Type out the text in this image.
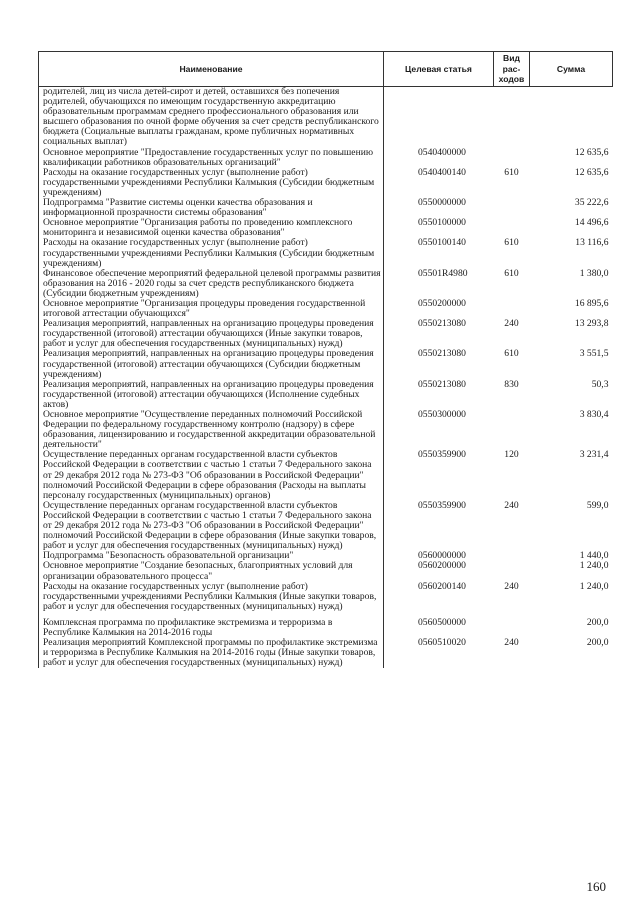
Наименование	Целевая статья	Вид рас-ходов	Сумма
родителей, лиц из числа детей-сирот и детей, оставшихся без попечения родителей, обучающихся по имеющим государственную аккредитацию образовательным программам среднего профессионального образования или высшего образования по очной форме обучения за счет средств республиканского бюджета (Социальные выплаты гражданам, кроме публичных нормативных социальных выплат)			
Основное мероприятие "Предоставление государственных услуг по повышению квалификации работников образовательных организаций"	0540400000		12 635,6
Расходы на оказание государственных услуг (выполнение работ) государственными учреждениями Республики Калмыкия (Субсидии бюджетным учреждениям)	0540400140	610	12 635,6
Подпрограмма "Развитие системы оценки качества образования и информационной прозрачности системы образования"	0550000000		35 222,6
Основное мероприятие "Организация работы по проведению комплексного мониторинга и независимой оценки качества образования"	0550100000		14 496,6
Расходы на оказание государственных услуг (выполнение работ) государственными учреждениями Республики Калмыкия (Субсидии бюджетным учреждениям)	0550100140	610	13 116,6
Финансовое обеспечение мероприятий федеральной целевой программы развития образования на 2016 - 2020 годы за счет средств республиканского бюджета (Субсидии бюджетным учреждениям)	05501R4980	610	1 380,0
Основное мероприятие "Организация процедуры проведения государственной итоговой аттестации обучающихся"	0550200000		16 895,6
Реализация мероприятий, направленных на организацию процедуры проведения государственной (итоговой) аттестации обучающихся (Иные закупки товаров, работ и услуг для обеспечения государственных (муниципальных) нужд)	0550213080	240	13 293,8
Реализация мероприятий, направленных на организацию процедуры проведения государственной (итоговой) аттестации обучающихся (Субсидии бюджетным учреждениям)	0550213080	610	3 551,5
Реализация мероприятий, направленных на организацию процедуры проведения государственной (итоговой) аттестации обучающихся (Исполнение судебных актов)	0550213080	830	50,3
Основное мероприятие "Осуществление переданных полномочий Российской Федерации по федеральному государственному контролю (надзору) в сфере образования, лицензированию и государственной аккредитации образовательной деятельности"	0550300000		3 830,4
Осуществление переданных органам государственной власти субъектов Российской Федерации в соответствии с частью 1 статьи 7 Федерального закона от 29 декабря 2012 года № 273-ФЗ "Об образовании в Российской Федерации" полномочий Российской Федерации в сфере образования (Расходы на выплаты персоналу государственных (муниципальных) органов)	0550359900	120	3 231,4
Осуществление переданных органам государственной власти субъектов Российской Федерации в соответствии с частью 1 статьи 7 Федерального закона от 29 декабря 2012 года № 273-ФЗ "Об образовании в Российской Федерации" полномочий Российской Федерации в сфере образования (Иные закупки товаров, работ и услуг для обеспечения государственных (муниципальных) нужд)	0550359900	240	599,0
Подпрограмма "Безопасность образовательной организации"	0560000000		1 440,0
Основное мероприятие "Создание безопасных, благоприятных условий для организации образовательного процесса"	0560200000		1 240,0
Расходы на оказание государственных услуг (выполнение работ) государственными учреждениями Республики Калмыкия (Иные закупки товаров, работ и услуг для обеспечения государственных (муниципальных) нужд)	0560200140	240	1 240,0
Комплексная программа по профилактике экстремизма и терроризма в Республике Калмыкия на 2014-2016 годы	0560500000		200,0
Реализация мероприятий Комплексной программы по профилактике экстремизма и терроризма в Республике Калмыкия на 2014-2016 годы (Иные закупки товаров, работ и услуг для обеспечения государственных (муниципальных) нужд)	0560510020	240	200,0
160
